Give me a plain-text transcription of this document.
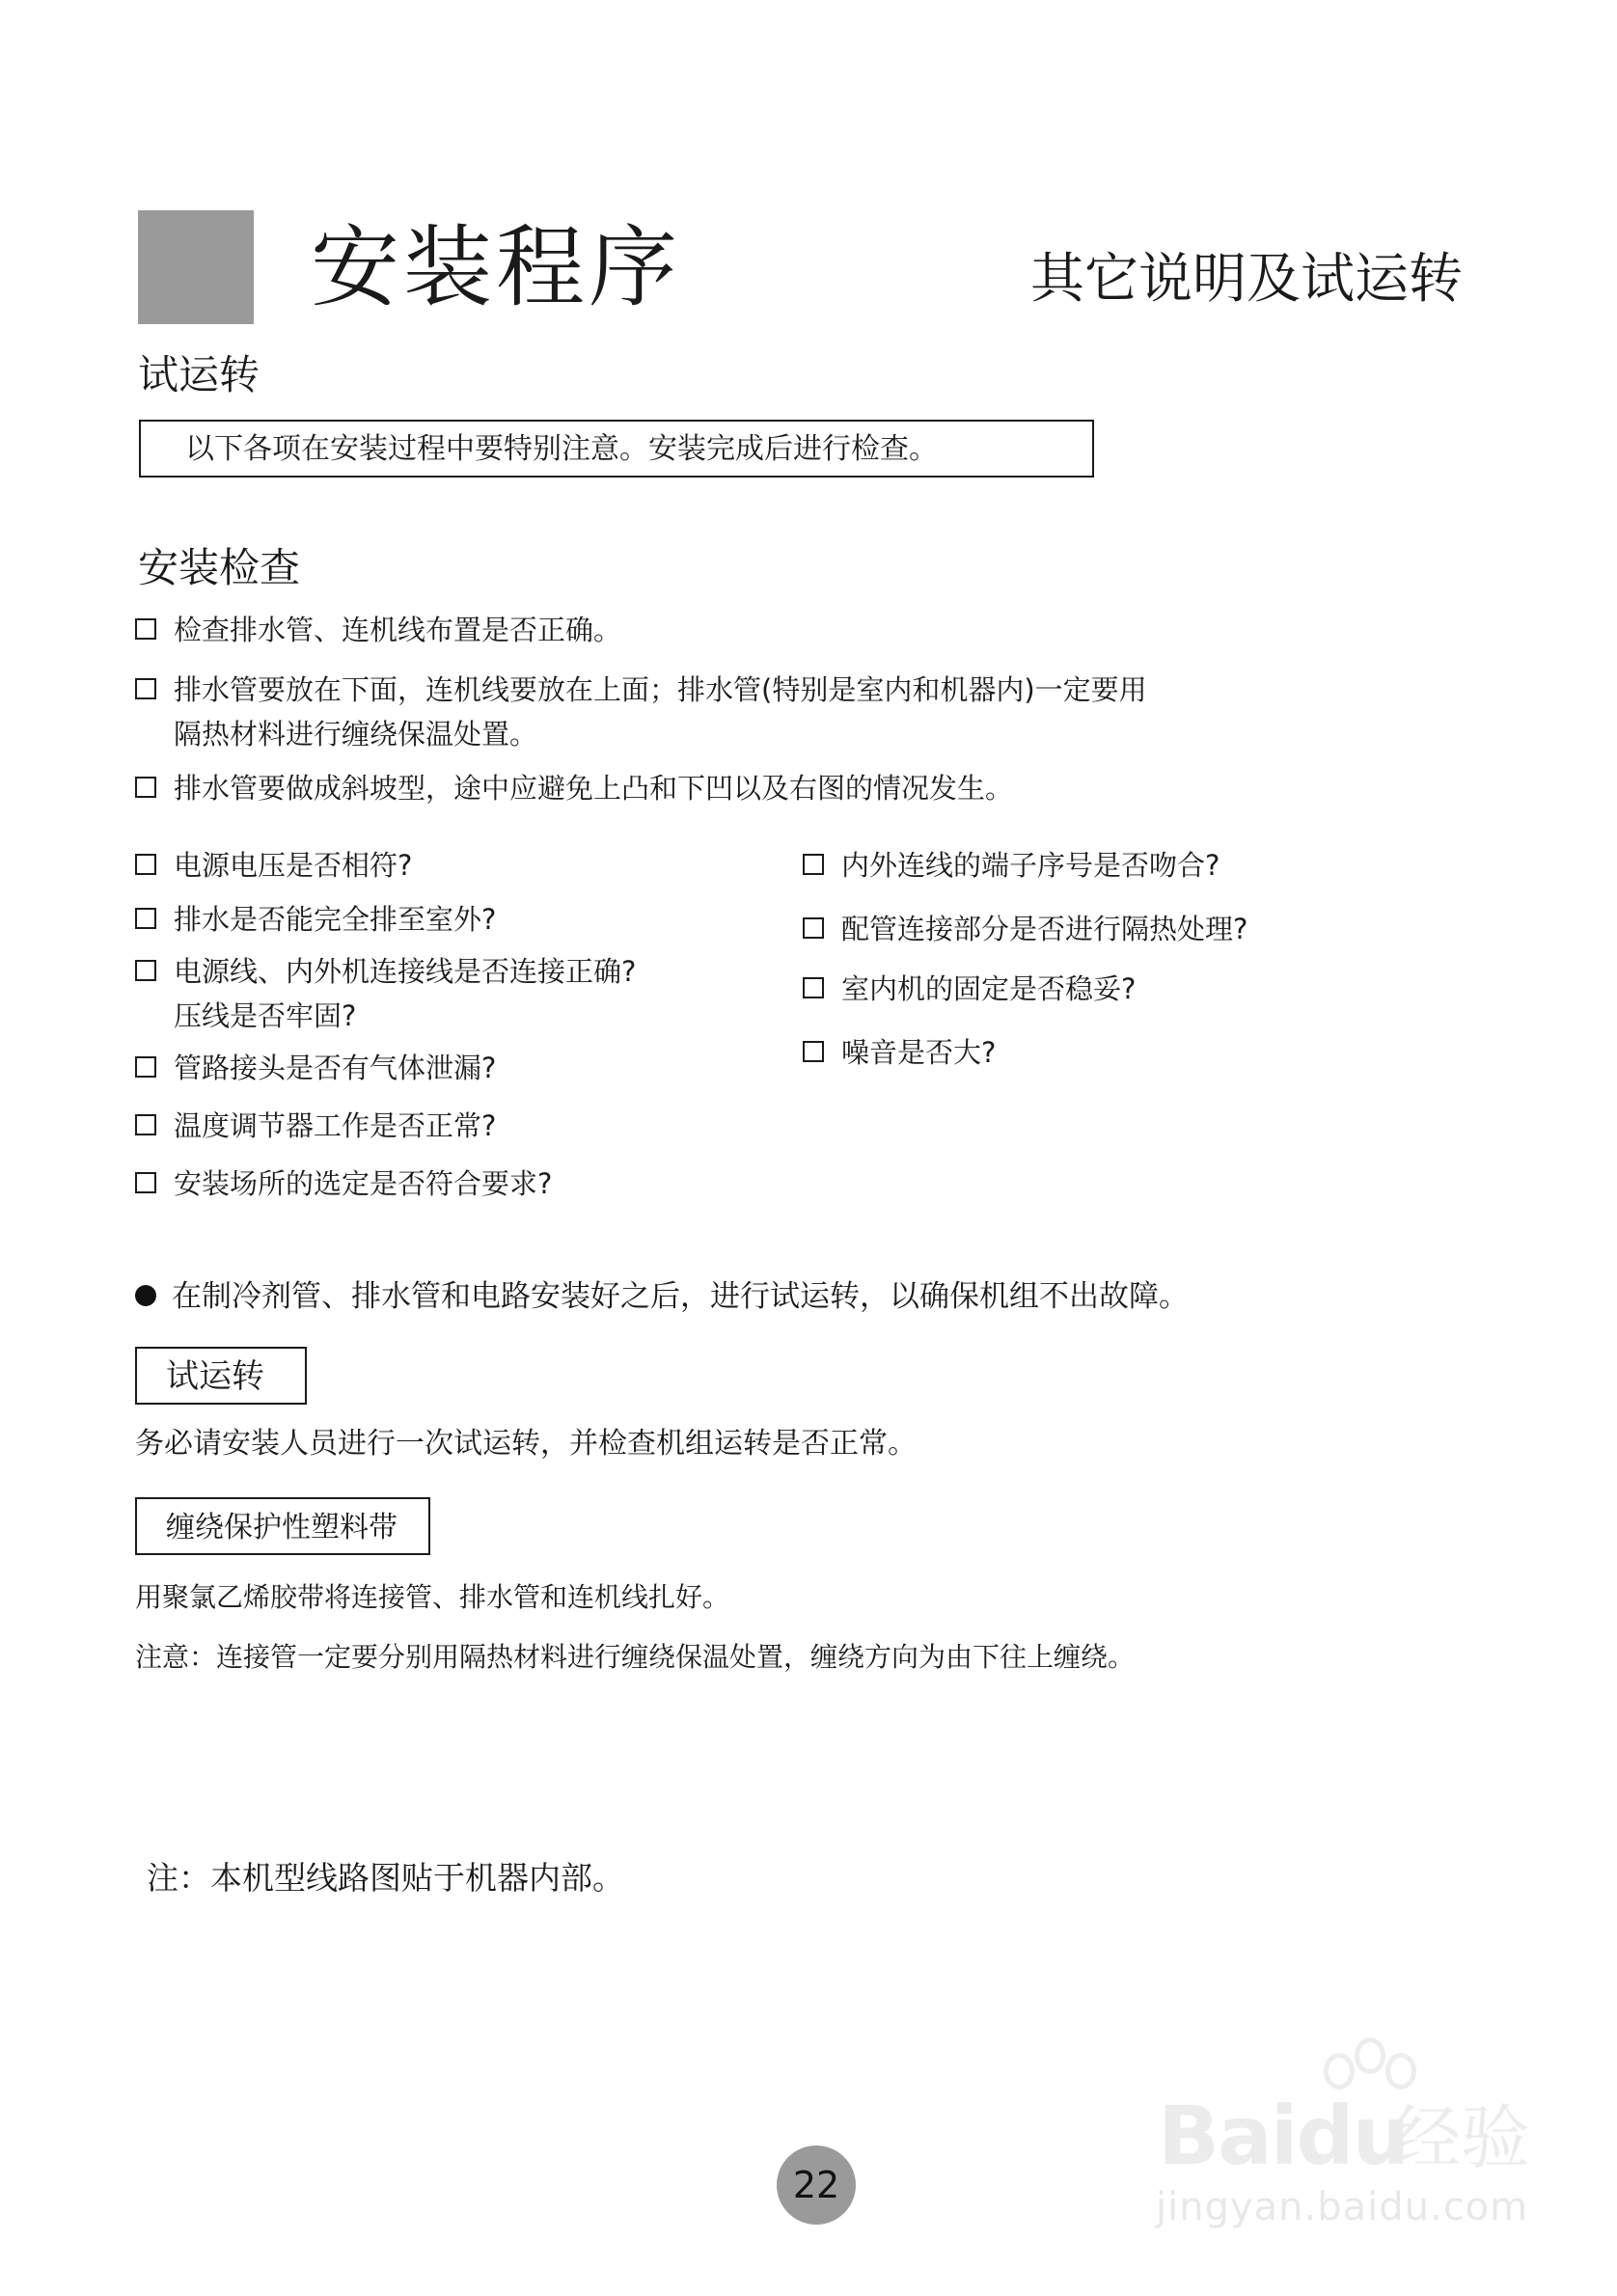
安装程序	其它说明及试运转
试运转
以下各项在安装过程中要特别注意。安装完成后进行检查。
安装检查
检查排水管、连机线布置是否正确。
排水管要放在下面，连机线要放在上面；排水管(特别是室内和机器内)一定要用
隔热材料进行缠绕保温处置。
排水管要做成斜坡型，途中应避免上凸和下凹以及右图的情况发生。
电源电压是否相符?
排水是否能完全排至室外?
电源线、内外机连接线是否连接正确?
压线是否牢固?
管路接头是否有气体泄漏?
温度调节器工作是否正常?
安装场所的选定是否符合要求?
内外连线的端子序号是否吻合?
配管连接部分是否进行隔热处理?
室内机的固定是否稳妥?
噪音是否大?
在制冷剂管、排水管和电路安装好之后，进行试运转，以确保机组不出故障。
试运转
务必请安装人员进行一次试运转，并检查机组运转是否正常。
缠绕保护性塑料带
用聚氯乙烯胶带将连接管、排水管和连机线扎好。
注意：连接管一定要分别用隔热材料进行缠绕保温处置，缠绕方向为由下往上缠绕。
注：本机型线路图贴于机器内部。
22
Baidu
经验
jingyan.baidu.com
